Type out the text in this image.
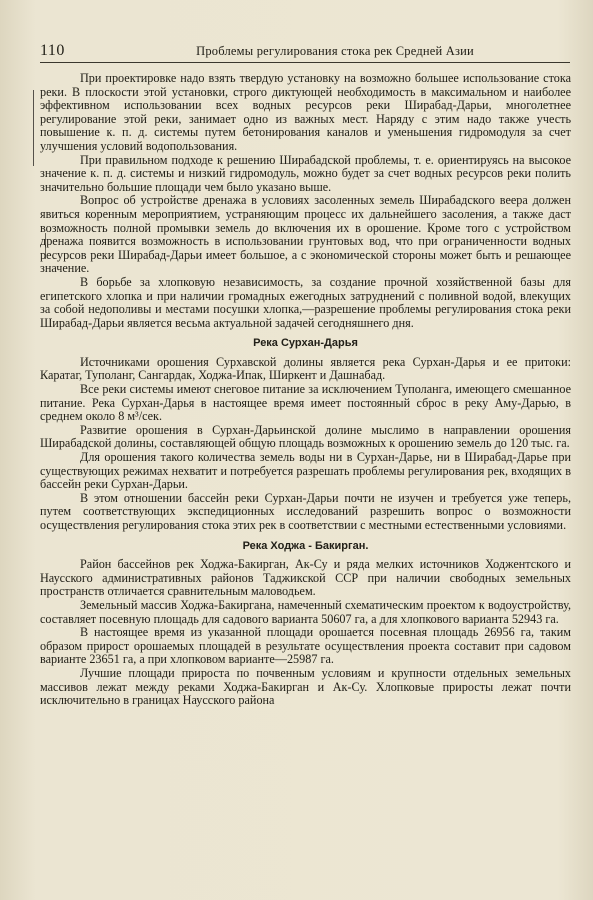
110	Проблемы регулирования стока рек Средней Азии

При проектировке надо взять твердую установку на возможно большее использование стока реки. В плоскости этой установки, строго диктующей необходимость в максимальном и наиболее эффективном использовании всех водных ресурсов реки Ширабад-Дарьи, многолетнее регулирование этой реки, занимает одно из важных мест. Наряду с этим надо также учесть повышение к. п. д. системы путем бетонирования каналов и уменьшения гидромодуля за счет улучшения условий водопользования.

При правильном подходе к решению Ширабадской проблемы, т. е. ориентируясь на высокое значение к. п. д. системы и низкий гидромодуль, можно будет за счет водных ресурсов реки полить значительно большие площади чем было указано выше.

Вопрос об устройстве дренажа в условиях засоленных земель Ширабадского веера должен явиться коренным мероприятием, устраняющим процесс их дальнейшего засоления, а также даст возможность полной промывки земель до включения их в орошение. Кроме того с устройством дренажа появится возможность в использовании грунтовых вод, что при ограниченности водных ресурсов реки Ширабад-Дарьи имеет большое, а с экономической стороны может быть и решающее значение.

В борьбе за хлопковую независимость, за создание прочной хозяйственной базы для египетского хлопка и при наличии громадных ежегодных затруднений с поливной водой, влекущих за собой недополивы и местами посушки хлопка,—разрешение проблемы регулирования стока реки Ширабад-Дарьи является весьма актуальной задачей сегодняшнего дня.

Река Сурхан-Дарья

Источниками орошения Сурхавской долины является река Сурхан-Дарья и ее притоки: Каратаг, Туполанг, Сангардак, Ходжа-Ипак, Ширкент и Дашнабад.

Все реки системы имеют снеговое питание за исключением Туполанга, имеющего смешанное питание. Река Сурхан-Дарья в настоящее время имеет постоянный сброс в реку Аму-Дарью, в среднем около 8 м³/сек.

Развитие орошения в Сурхан-Дарьинской долине мыслимо в направлении орошения Ширабадской долины, составляющей общую площадь возможных к орошению земель до 120 тыс. га.

Для орошения такого количества земель воды ни в Сурхан-Дарье, ни в Ширабад-Дарье при существующих режимах нехватит и потребуется разрешать проблемы регулирования рек, входящих в бассейн реки Сурхан-Дарьи.

В этом отношении бассейн реки Сурхан-Дарьи почти не изучен и требуется уже теперь, путем соответствующих экспедиционных исследований разрешить вопрос о возможности осуществления регулирования стока этих рек в соответствии с местными естественными условиями.

Река Ходжа - Бакирган.

Район бассейнов рек Ходжа-Бакирган, Ак-Су и ряда мелких источников Ходжентского и Наусского административных районов Таджикской ССР при наличии свободных земельных пространств отличается сравнительным маловодьем.

Земельный массив Ходжа-Бакиргана, намеченный схематическим проектом к водоустройству, составляет посевную площадь для садового варианта 50607 га, а для хлопкового варианта 52943 га.

В настоящее время из указанной площади орошается посевная площадь 26956 га, таким образом прирост орошаемых площадей в результате осуществления проекта составит при садовом варианте 23651 га, а при хлопковом варианте—25987 га.

Лучшие площади прироста по почвенным условиям и крупности отдельных земельных массивов лежат между реками Ходжа-Бакирган и Ак-Су. Хлопковые приросты лежат почти исключительно в границах Наусского района
